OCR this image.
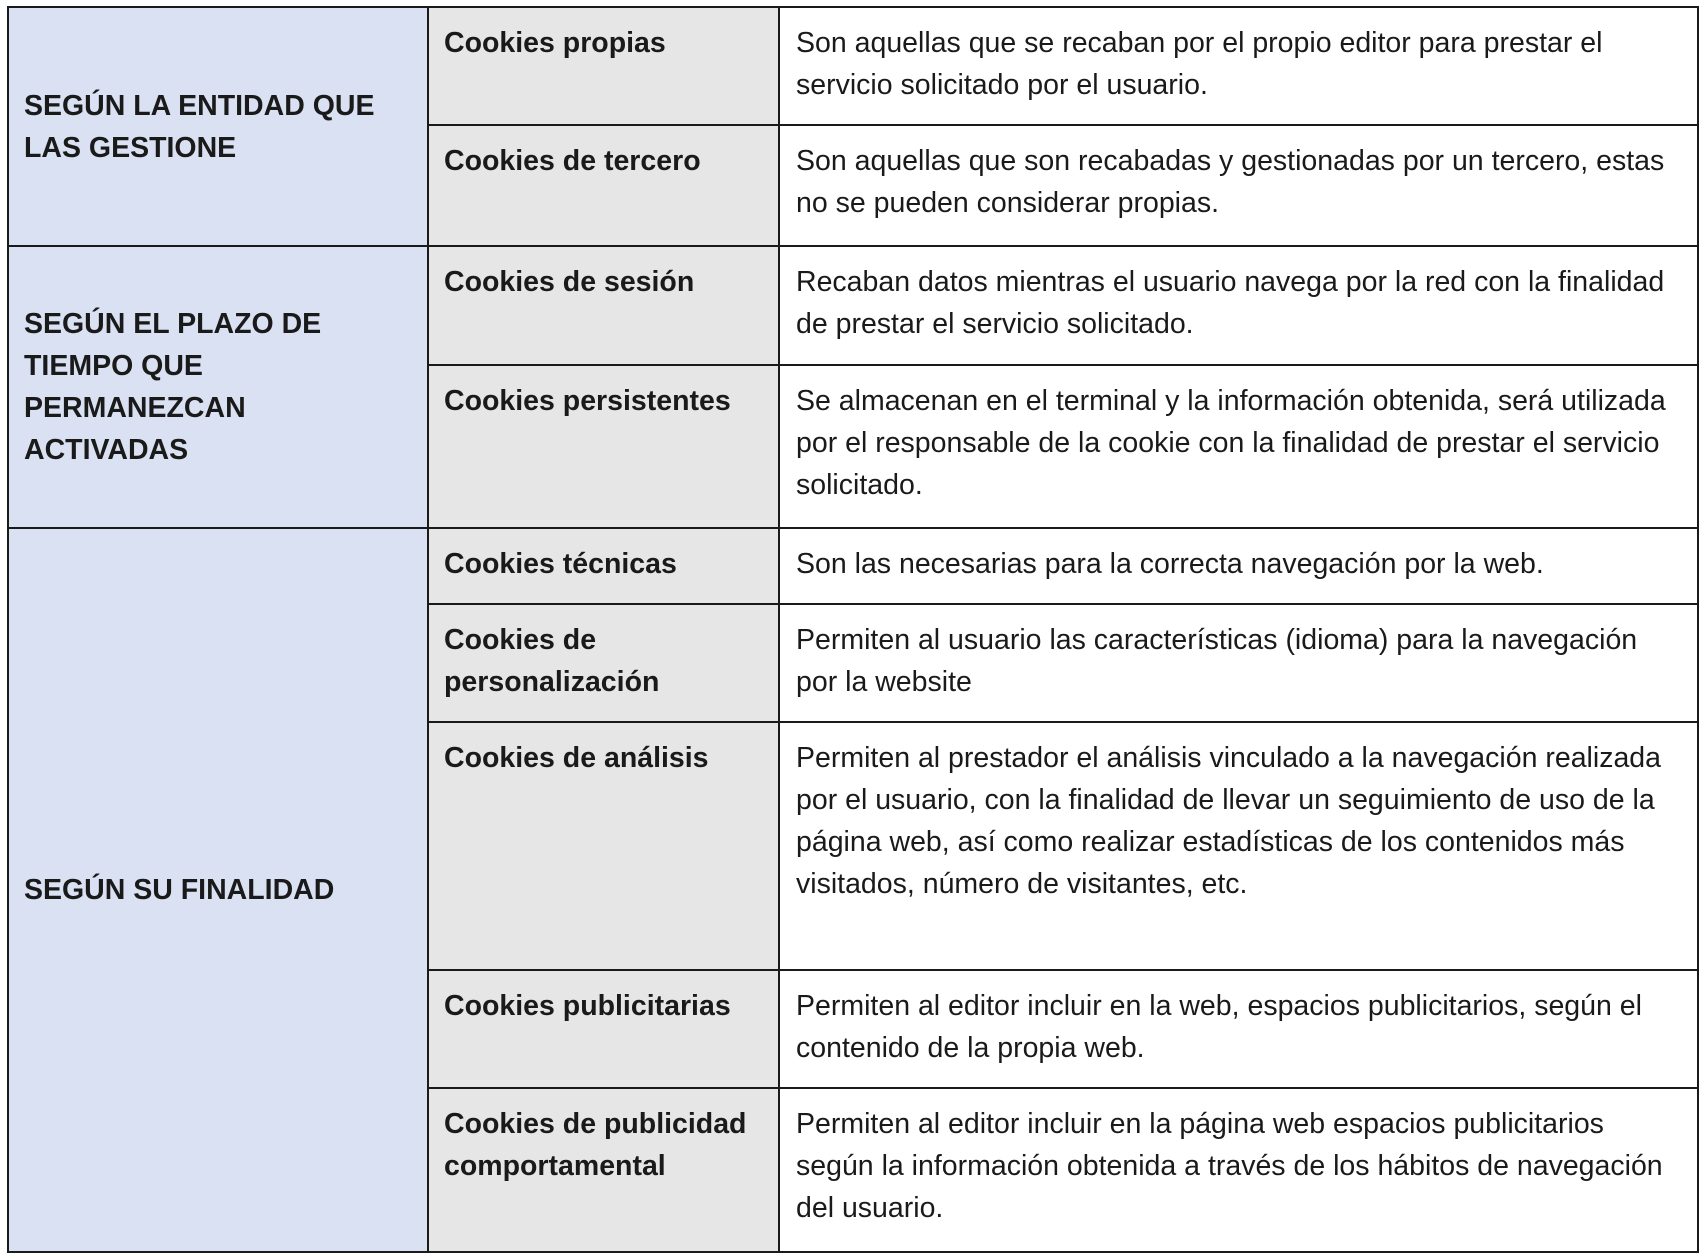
SEGÚN LA ENTIDAD QUE LAS GESTIONE	Cookies propias	Son aquellas que se recaban por el propio editor para prestar el servicio solicitado por el usuario.
	Cookies de tercero	Son aquellas que son recabadas y gestionadas por un tercero, estas no se pueden considerar propias.
SEGÚN EL PLAZO DE TIEMPO QUE PERMANEZCAN ACTIVADAS	Cookies de sesión	Recaban datos mientras el usuario navega por la red con la finalidad de prestar el servicio solicitado.
	Cookies persistentes	Se almacenan en el terminal y la información obtenida, será utilizada por el responsable de la cookie con la finalidad de prestar el servicio solicitado.
SEGÚN SU FINALIDAD	Cookies técnicas	Son las necesarias para la correcta navegación por la web.
	Cookies de personalización	Permiten al usuario las características (idioma) para la navegación por la website
	Cookies de análisis	Permiten al prestador el análisis vinculado a la navegación realizada por el usuario, con la finalidad de llevar un seguimiento de uso de la página web, así como realizar estadísticas de los contenidos más visitados, número de visitantes, etc.
	Cookies publicitarias	Permiten al editor incluir en la web, espacios publicitarios, según el contenido de la propia web.
	Cookies de publicidad comportamental	Permiten al editor incluir en la página web espacios publicitarios según la información obtenida a través de los hábitos de navegación del usuario.
